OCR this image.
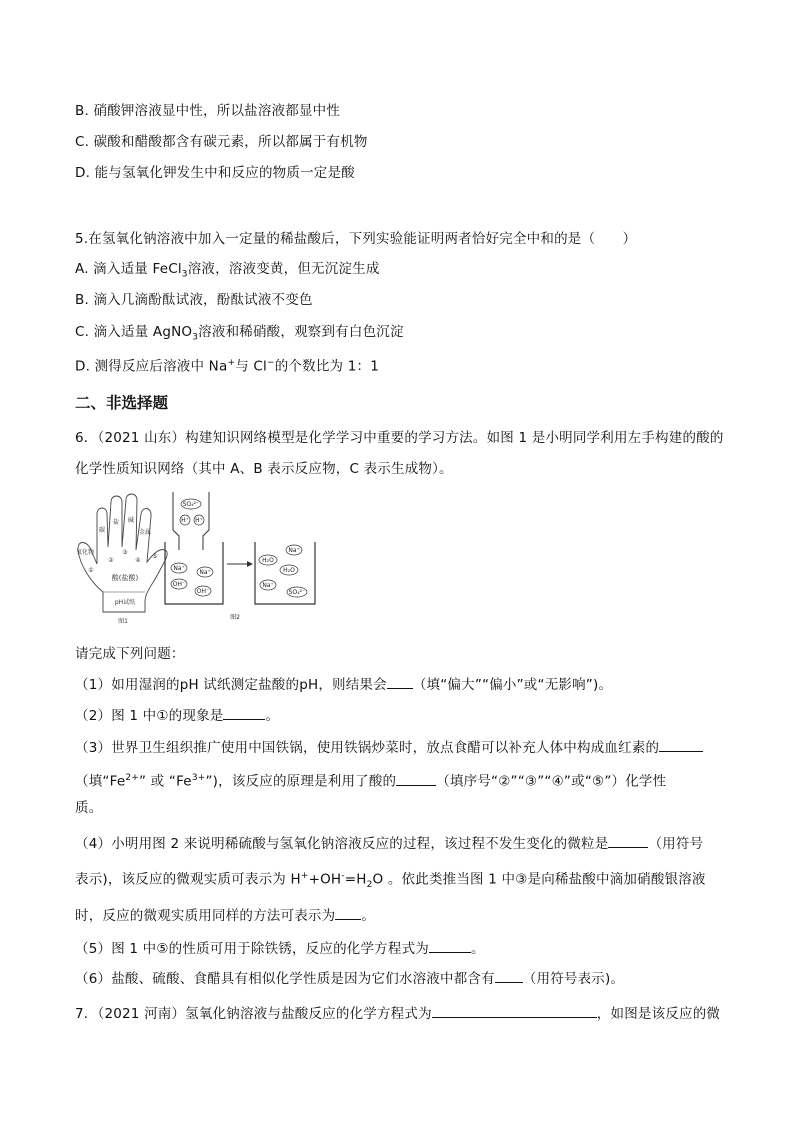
B. 硝酸钾溶液显中性，所以盐溶液都显中性
C. 碳酸和醋酸都含有碳元素，所以都属于有机物
D. 能与氢氧化钾发生中和反应的物质一定是酸
5.在氢氧化钠溶液中加入一定量的稀盐酸后，下列实验能证明两者恰好完全中和的是（　　）
A. 滴入适量 FeCl$_3$溶液，溶液变黄，但无沉淀生成
B. 滴入几滴酚酞试液，酚酞试液不变色
C. 滴入适量 AgNO$_3$溶液和稀硝酸，观察到有白色沉淀
D. 测得反应后溶液中 Na+与 Cl−的个数比为 1：1
二、非选择题
6．（2021 山东）构建知识网络模型是化学学习中重要的学习方法。如图 1 是小明同学利用左手构建的酸的
化学性质知识网络（其中 A、B 表示反应物，C 表示生成物）。
碳
盐 碱
金属
氧化物
①
②
③
④
⑤
酸(盐酸)
pH试纸
图1
SO₄²⁻
H⁺ H⁺
Na⁺
Na⁺
OH⁻
OH⁻
H₂O
Na⁺
H₂O
Na⁺
SO₄²⁻
图2
请完成下列问题：
（1）如用湿润的pH 试纸测定盐酸的pH，则结果会 （填“偏大”“偏小”或“无影响”)。
（2）图 1 中①的现象是	。
（3）世界卫生组织推广使用中国铁锅，使用铁锅炒菜时，放点食醋可以补充人体中构成血红素的
（填“$Fe^{2+}$” 或 “$Fe^{3+}$”)，该反应的原理是利用了酸的	（填序号“②”“③”“④”或“⑤”）化学性
质。
（4）小明用图 2 来说明稀硫酸与氢氧化钠溶液反应的过程，该过程不发生变化的微粒是	（用符号
表示)，该反应的微观实质可表示为 $H^++OH^-=H_2O$ 。依此类推当图 1 中③是向稀盐酸中滴加硝酸银溶液
时，反应的微观实质用同样的方法可表示为 。
（5）图 1 中⑤的性质可用于除铁锈，反应的化学方程式为	。
（6）盐酸、硫酸、食醋具有相似化学性质是因为它们水溶液中都含有 （用符号表示)。
7．（2021 河南）氢氧化钠溶液与盐酸反应的化学方程式为	，如图是该反应的微
